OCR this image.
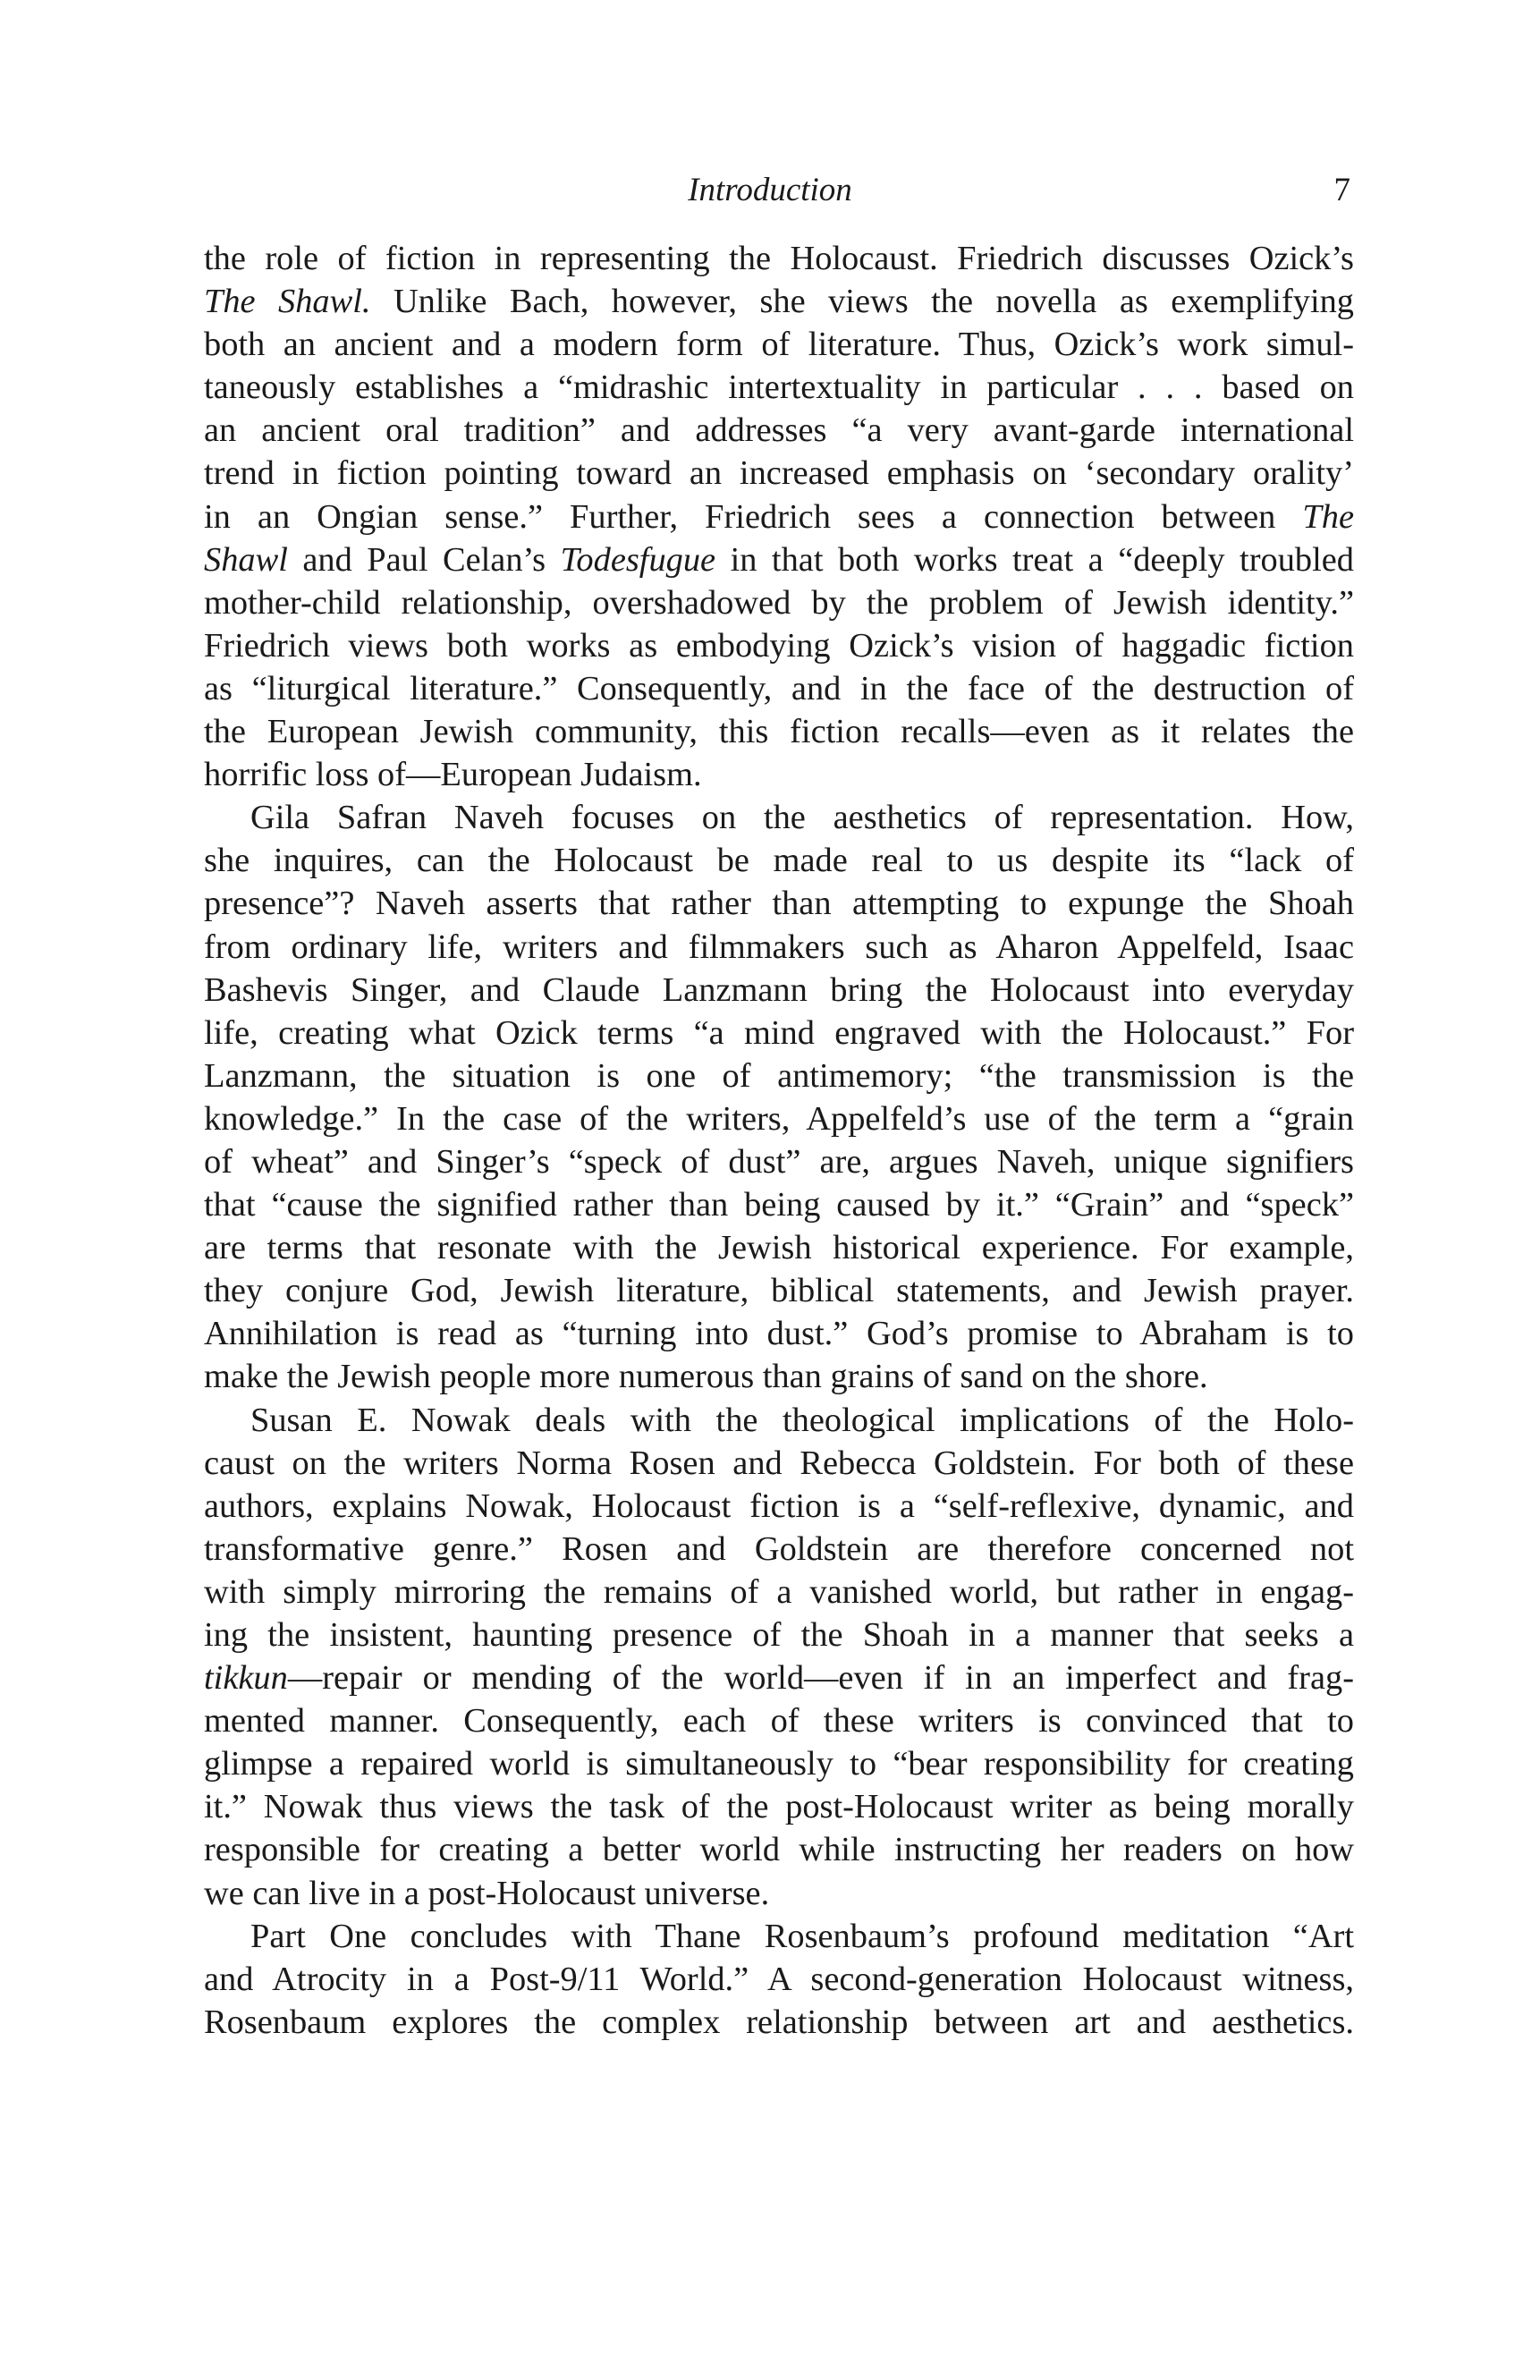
Introduction	7
the role of fiction in representing the Holocaust. Friedrich discusses Ozick’s
The Shawl. Unlike Bach, however, she views the novella as exemplifying
both an ancient and a modern form of literature. Thus, Ozick’s work simul-
taneously establishes a “midrashic intertextuality in particular . . . based on
an ancient oral tradition” and addresses “a very avant-garde international
trend in fiction pointing toward an increased emphasis on ‘secondary orality’
in an Ongian sense.” Further, Friedrich sees a connection between The
Shawl and Paul Celan’s Todesfugue in that both works treat a “deeply troubled
mother-child relationship, overshadowed by the problem of Jewish identity.”
Friedrich views both works as embodying Ozick’s vision of haggadic fiction
as “liturgical literature.” Consequently, and in the face of the destruction of
the European Jewish community, this fiction recalls—even as it relates the
horrific loss of—European Judaism.
Gila Safran Naveh focuses on the aesthetics of representation. How,
she inquires, can the Holocaust be made real to us despite its “lack of
presence”? Naveh asserts that rather than attempting to expunge the Shoah
from ordinary life, writers and filmmakers such as Aharon Appelfeld, Isaac
Bashevis Singer, and Claude Lanzmann bring the Holocaust into everyday
life, creating what Ozick terms “a mind engraved with the Holocaust.” For
Lanzmann, the situation is one of antimemory; “the transmission is the
knowledge.” In the case of the writers, Appelfeld’s use of the term a “grain
of wheat” and Singer’s “speck of dust” are, argues Naveh, unique signifiers
that “cause the signified rather than being caused by it.” “Grain” and “speck”
are terms that resonate with the Jewish historical experience. For example,
they conjure God, Jewish literature, biblical statements, and Jewish prayer.
Annihilation is read as “turning into dust.” God’s promise to Abraham is to
make the Jewish people more numerous than grains of sand on the shore.
Susan E. Nowak deals with the theological implications of the Holo-
caust on the writers Norma Rosen and Rebecca Goldstein. For both of these
authors, explains Nowak, Holocaust fiction is a “self-reflexive, dynamic, and
transformative genre.” Rosen and Goldstein are therefore concerned not
with simply mirroring the remains of a vanished world, but rather in engag-
ing the insistent, haunting presence of the Shoah in a manner that seeks a
tikkun—repair or mending of the world—even if in an imperfect and frag-
mented manner. Consequently, each of these writers is convinced that to
glimpse a repaired world is simultaneously to “bear responsibility for creating
it.” Nowak thus views the task of the post-Holocaust writer as being morally
responsible for creating a better world while instructing her readers on how
we can live in a post-Holocaust universe.
Part One concludes with Thane Rosenbaum’s profound meditation “Art
and Atrocity in a Post-9/11 World.” A second-generation Holocaust witness,
Rosenbaum explores the complex relationship between art and aesthetics.
